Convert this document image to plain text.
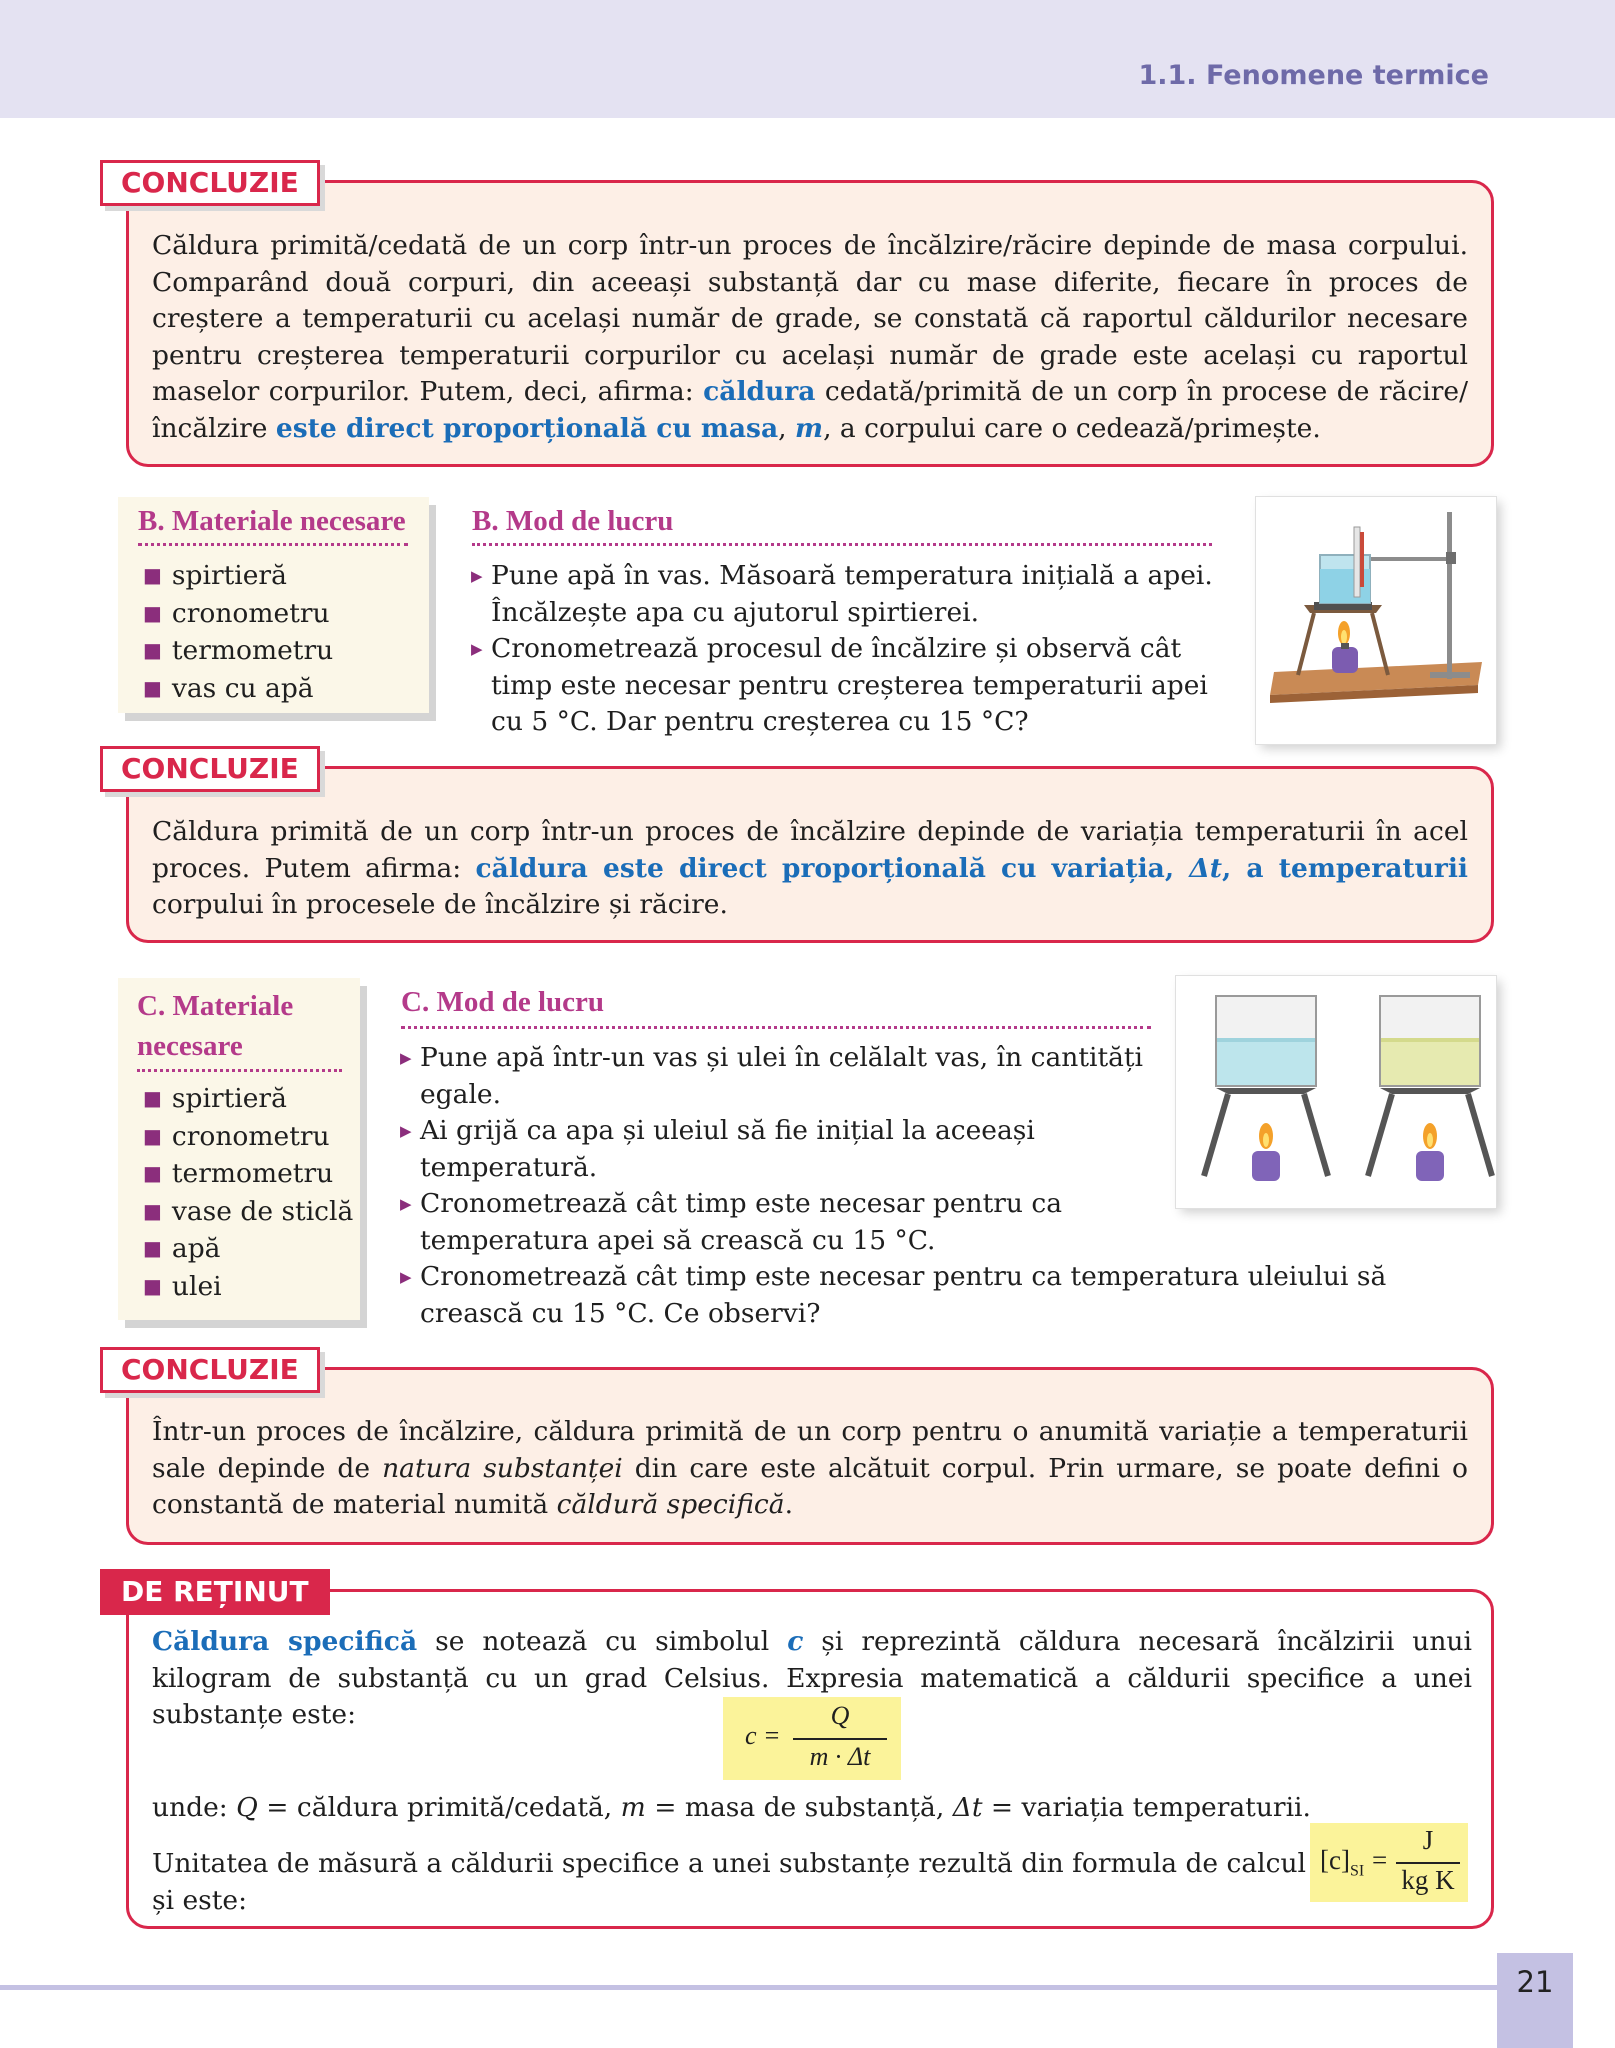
1.1. Fenomene termice
CONCLUZIE
Căldura primită/cedată de un corp într-un proces de încălzire/răcire depinde de masa corpului. Comparând două corpuri, din aceeași substanță dar cu mase diferite, fiecare în proces de creștere a temperaturii cu același număr de grade, se constată că raportul căldurilor necesare pentru creșterea temperaturii corpurilor cu același număr de grade este același cu raportul maselor corpurilor. Putem, deci, afirma: căldura cedată/primită de un corp în procese de răcire/încălzire este direct proporțională cu masa, m, a corpului care o cedează/primește.
B. Materiale necesare
■ spirtieră
■ cronometru
■ termometru
■ vas cu apă
B. Mod de lucru
▶ Pune apă în vas. Măsoară temperatura inițială a apei. Încălzește apa cu ajutorul spirtierei.
▶ Cronometrează procesul de încălzire și observă cât timp este necesar pentru creșterea temperaturii apei cu 5 °C. Dar pentru creșterea cu 15 °C?
CONCLUZIE
Căldura primită de un corp într-un proces de încălzire depinde de variația temperaturii în acel proces. Putem afirma: căldura este direct proporțională cu variația, Δt, a temperaturii corpului în procesele de încălzire și răcire.
C. Materiale necesare
■ spirtieră
■ cronometru
■ termometru
■ vase de sticlă
■ apă
■ ulei
C. Mod de lucru
▶ Pune apă într-un vas și ulei în celălalt vas, în cantități egale.
▶ Ai grijă ca apa și uleiul să fie inițial la aceeași temperatură.
▶ Cronometrează cât timp este necesar pentru ca temperatura apei să crească cu 15 °C.
▶ Cronometrează cât timp este necesar pentru ca temperatura uleiului să crească cu 15 °C. Ce observi?
CONCLUZIE
Într-un proces de încălzire, căldura primită de un corp pentru o anumită variație a temperaturii sale depinde de natura substanței din care este alcătuit corpul. Prin urmare, se poate defini o constantă de material numită căldură specifică.
DE REȚINUT
Căldura specifică se notează cu simbolul c și reprezintă căldura necesară încălzirii unui kilogram de substanță cu un grad Celsius. Expresia matematică a căldurii specifice a unei substanțe este:
c =
Q
m · Δt
unde: Q = căldura primită/cedată, m = masa de substanță, Δt = variația temperaturii.
Unitatea de măsură a căldurii specifice a unei substanțe rezultă din formula de calcul și este:
$[c]_{SI}$ =
J
kg K
21
